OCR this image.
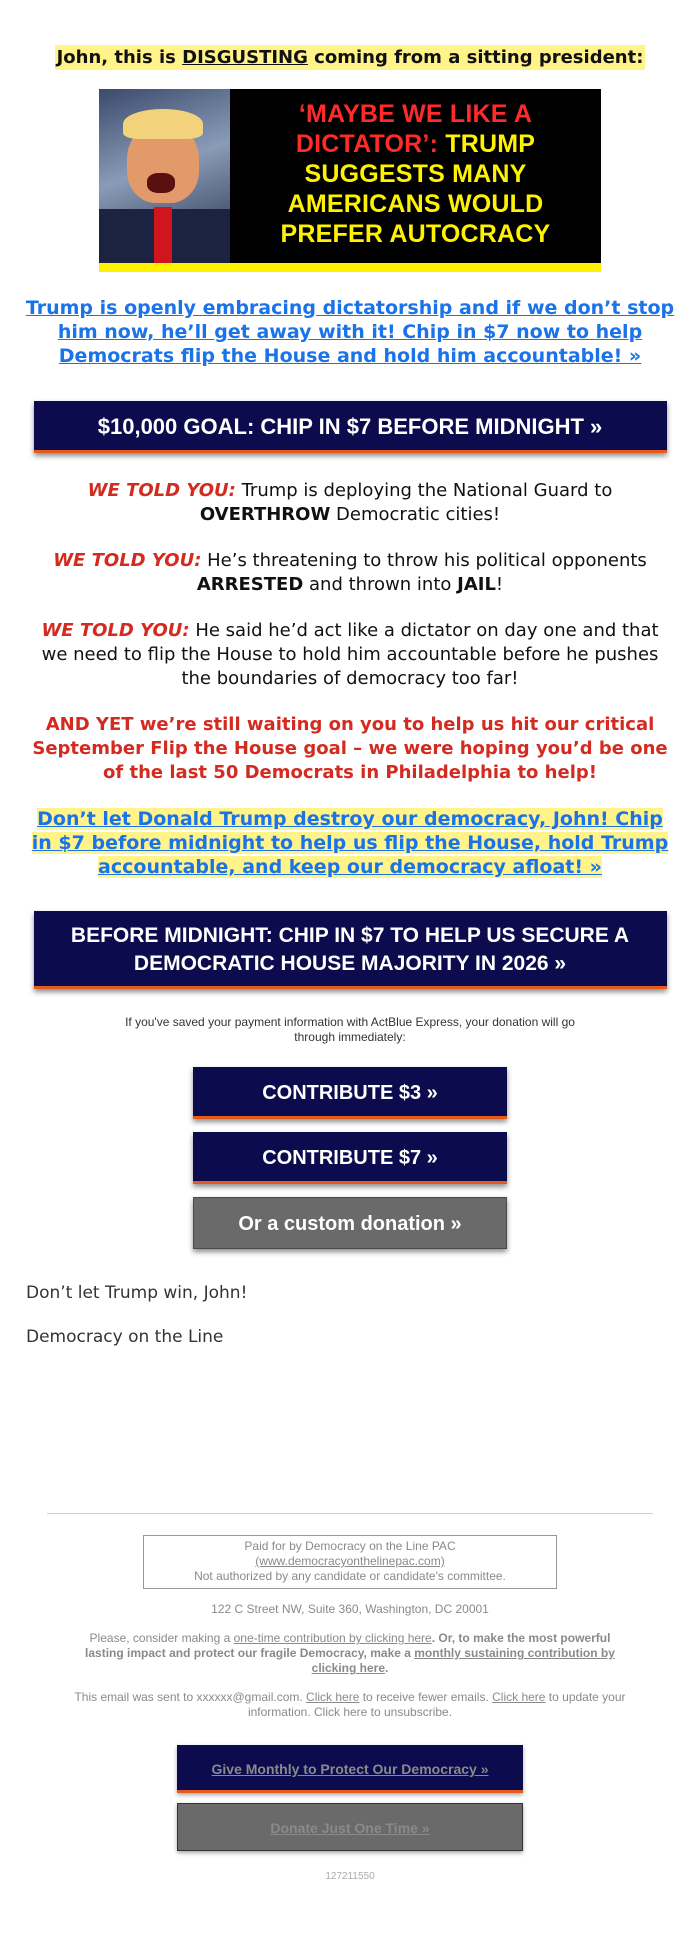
John, this is DISGUSTING coming from a sitting president:
‘MAYBE WE LIKE A
DICTATOR’: TRUMP
SUGGESTS MANY
AMERICANS WOULD
PREFER AUTOCRACY
Trump is openly embracing dictatorship and if we don’t stop him now, he’ll get away with it! Chip in $7 now to help Democrats flip the House and hold him accountable! »
$10,000 GOAL: CHIP IN $7 BEFORE MIDNIGHT »
WE TOLD YOU: Trump is deploying the National Guard to OVERTHROW Democratic cities!
WE TOLD YOU: He’s threatening to throw his political opponents ARRESTED and thrown into JAIL!
WE TOLD YOU: He said he’d act like a dictator on day one and that we need to flip the House to hold him accountable before he pushes the boundaries of democracy too far!
AND YET we’re still waiting on you to help us hit our critical September Flip the House goal – we were hoping you’d be one of the last 50 Democrats in Philadelphia to help!
Don’t let Donald Trump destroy our democracy, John! Chip in $7 before midnight to help us flip the House, hold Trump accountable, and keep our democracy afloat! »
BEFORE MIDNIGHT: CHIP IN $7 TO HELP US SECURE A DEMOCRATIC HOUSE MAJORITY IN 2026 »
If you've saved your payment information with ActBlue Express, your donation will go through immediately:
CONTRIBUTE $3 »
CONTRIBUTE $7 »
Or a custom donation »
Don’t let Trump win, John!
Democracy on the Line
Paid for by Democracy on the Line PAC
(www.democracyonthelinepac.com)
Not authorized by any candidate or candidate's committee.
122 C Street NW, Suite 360, Washington, DC 20001
Please, consider making a one-time contribution by clicking here. Or, to make the most powerful lasting impact and protect our fragile Democracy, make a monthly sustaining contribution by clicking here.
This email was sent to xxxxxx@gmail.com. Click here to receive fewer emails. Click here to update your information. Click here to unsubscribe.
Give Monthly to Protect Our Democracy »
Donate Just One Time »
127211550
